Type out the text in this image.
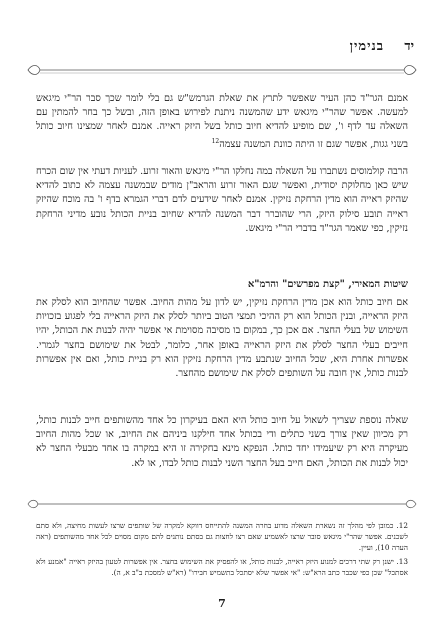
יד
בנימין
אמנם הגר"ד כהן העיר שאפשר לתרץ את שאלת הגרמש"ש גם בלי לומר שכך סבר הר"י מיגאש למעשה. אפשר שהר"י מיגאש ידע שהמשנה ניתנת לפירוש באופן הזה, ובשל כך בחר להמתין עם השאלה עד לדף ו', שם מופיע להדיא חיוב כותל בשל היזק ראייה. אמנם לאחר שמצינו חיוב כותל בשני גגות, אפשר שגם זו היתה כוונת המשנה עצמה$^{12}$
הרבה קולמוסים נשתברו על השאלה במה נחלקו הר"י מיגאש והאור זרוע. לעניות דעתי אין שום הכרח שיש כאן מחלוקת יסודית, ואפשר שגם האור זרוע והראב"ן מודים שבמשנה עצמה לא כתוב להדיא שהיזק ראייה הוא מדין הרחקת נזיקין. אמנם לאחר שידעים לדם דברי הגמרא בדף ו' בה מוכח שהיזק ראייה תובע סילוק היזק, הרי שהוברר דבר המשנה להדיא שחיוב בניית הכותל נובע מדיני הרחקת נזיקין, כפי שאמר הגר"ד בדברי הר"י מיגאש.
שיטות המאירי, "קצת מפרשים" והרמ"א
אם חיוב כותל הוא אכן מדין הרחקת נזיקין, יש לדון על מהות החיוב. אפשר שהחיוב הוא לסלק את היזק הראייה, ובנין הכותל הוא רק ההיכי תמצי הטוב ביותר לסלק את היזק הראייה בלי לפגוע בזכויות השימוש של בעלי החצר. אם אכן כך, במקום בו מסיבה מסוימת אי אפשר יהיה לבנות את הכותל, יהיו חייבים בעלי החצר לסלק את היזק הראייה באופן אחר, כלומר, לבטל את שימושם בחצר לגמרי. אפשרות אחרת היא, שכל החיוב שנתבע מדין הרחקת נזיקין הוא רק בניית כותל, ואם אין אפשרות לבנות כותל, אין חובה על השותפים לסלק את שימושם מהחצר.
שאלה נוספת שצריך לשאול על חיוב כותל היא האם בעיקרון כל אחד מהשותפים חייב לבנות כותל, רק מכיוון שאין צורך בשני כתלים ודי בכותל אחד חילקנו ביניהם את החיוב, או שכל מהות החיוב מעיקרה היא רק שיעמידו יחד כותל. הנפקא מינא בחקירה זו היא במקרה בו אחד מבעלי החצר לא יכול לבנות את הכותל, האם חייב בעל החצר השני לבנות כותל לבדו, או לא.

12. כמובן לפי מהלך זה נשארת השאלה מדוע בחרה המשנה להתייחס דווקא למקרה של שותפים שרצו לעשות מחיצה, ולא סתם לשכנים. אפשר שהר"י מיגאש סובר שרצו לאשמיע שאם רצו לחצות גם בסתם נותנים להם מקום מסוים לכל אחד מהשותפים (ראה הערה 10), ועיין.

13. ישנן רק שתי דרכים למנוע היזק ראייה, לבנות כותל, או להפסיק את השימוש בחצר. אין אפשרות לטעון בהיזק ראייה "אמנע ולא אסתכל" שכן כפי שכבר כתב הרא"ש: "אי אפשר שלא יסתכל בתשמיש חבירו" (רא"ש למסכת ב"ב א, ה).

7
